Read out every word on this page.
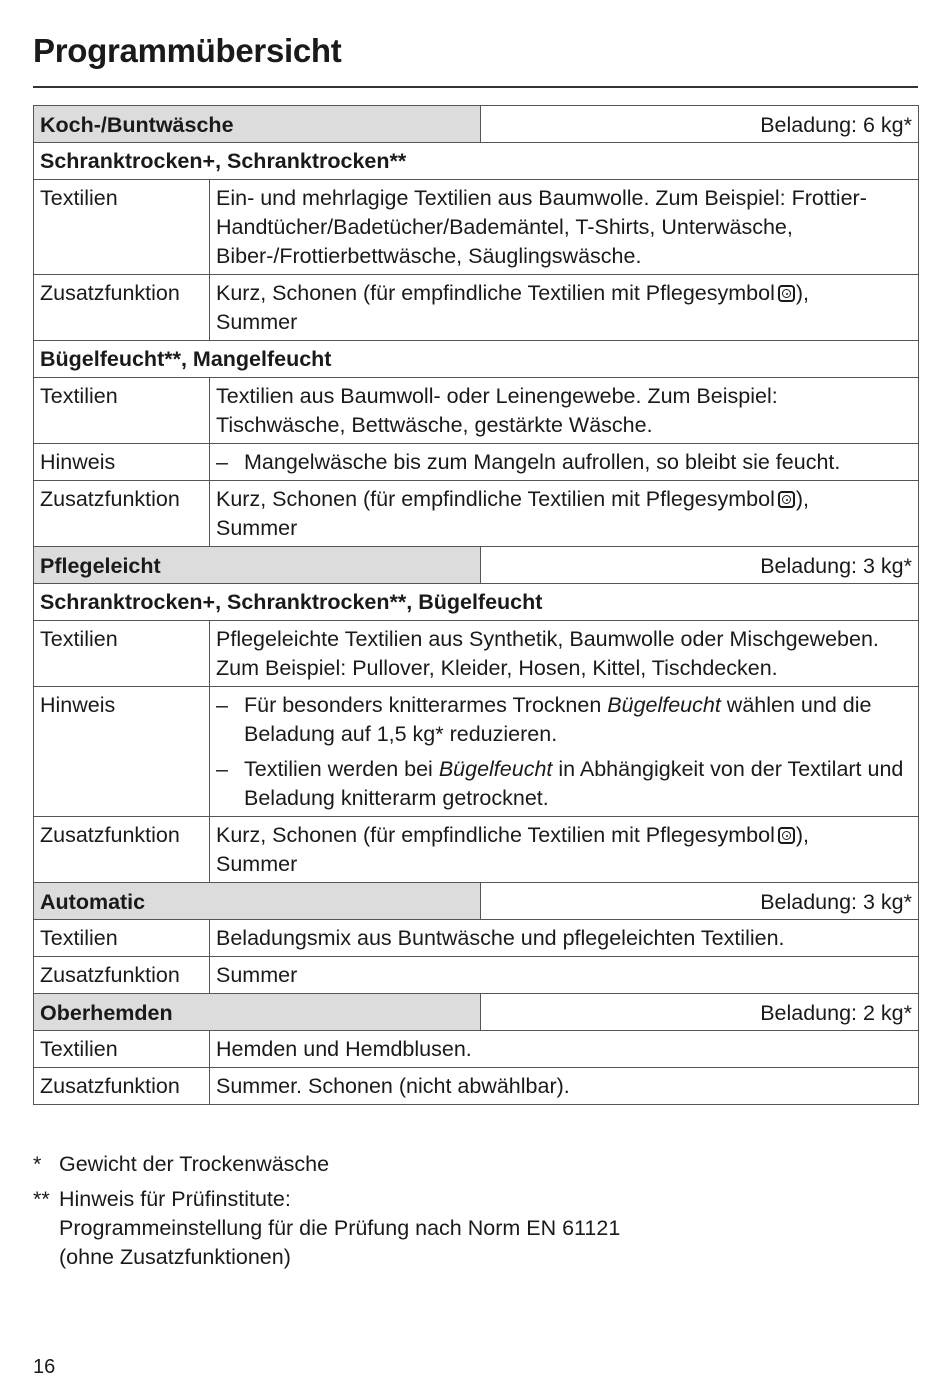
Programmübersicht
Koch-/Buntwäsche		Beladung: 6 kg*
Schranktrocken+, Schranktrocken**		
Textilien	Ein- und mehrlagige Textilien aus Baumwolle. Zum Beispiel: Frottier-Handtücher/Badetücher/Bademäntel, T-Shirts, Unterwäsche, Biber-/Frottierbettwäsche, Säuglingswäsche.	
Zusatzfunktion	Kurz, Schonen (für empfindliche Textilien mit Pflegesymbol ),
Summer	
Bügelfeucht**, Mangelfeucht		
Textilien	Textilien aus Baumwoll- oder Leinengewebe. Zum Beispiel: Tischwäsche, Bettwäsche, gestärkte Wäsche.	
Hinweis	– Mangelwäsche bis zum Mangeln aufrollen, so bleibt sie feucht.	

Zusatzfunktion	Kurz, Schonen (für empfindliche Textilien mit Pflegesymbol ),
Summer	
Pflegeleicht		Beladung: 3 kg*
Schranktrocken+, Schranktrocken**, Bügelfeucht		
Textilien	Pflegeleichte Textilien aus Synthetik, Baumwolle oder Mischgeweben. Zum Beispiel: Pullover, Kleider, Hosen, Kittel, Tischdecken.	
Hinweis	– Für besonders knitterarmes Trocknen Bügelfeucht wählen und die Beladung auf 1,5 kg* reduzieren.
– Textilien werden bei Bügelfeucht in Abhängigkeit von der Textilart und Beladung knitterarm getrocknet.	

Zusatzfunktion	Kurz, Schonen (für empfindliche Textilien mit Pflegesymbol ),
Summer	
Automatic		Beladung: 3 kg*
Textilien	Beladungsmix aus Buntwäsche und pflegeleichten Textilien.	
Zusatzfunktion	Summer	
Oberhemden		Beladung: 2 kg*
Textilien	Hemden und Hemdblusen.	
Zusatzfunktion	Summer. Schonen (nicht abwählbar).	
* Gewicht der Trockenwäsche
** Hinweis für Prüfinstitute:
Programmeinstellung für die Prüfung nach Norm EN 61121
(ohne Zusatzfunktionen)
16
